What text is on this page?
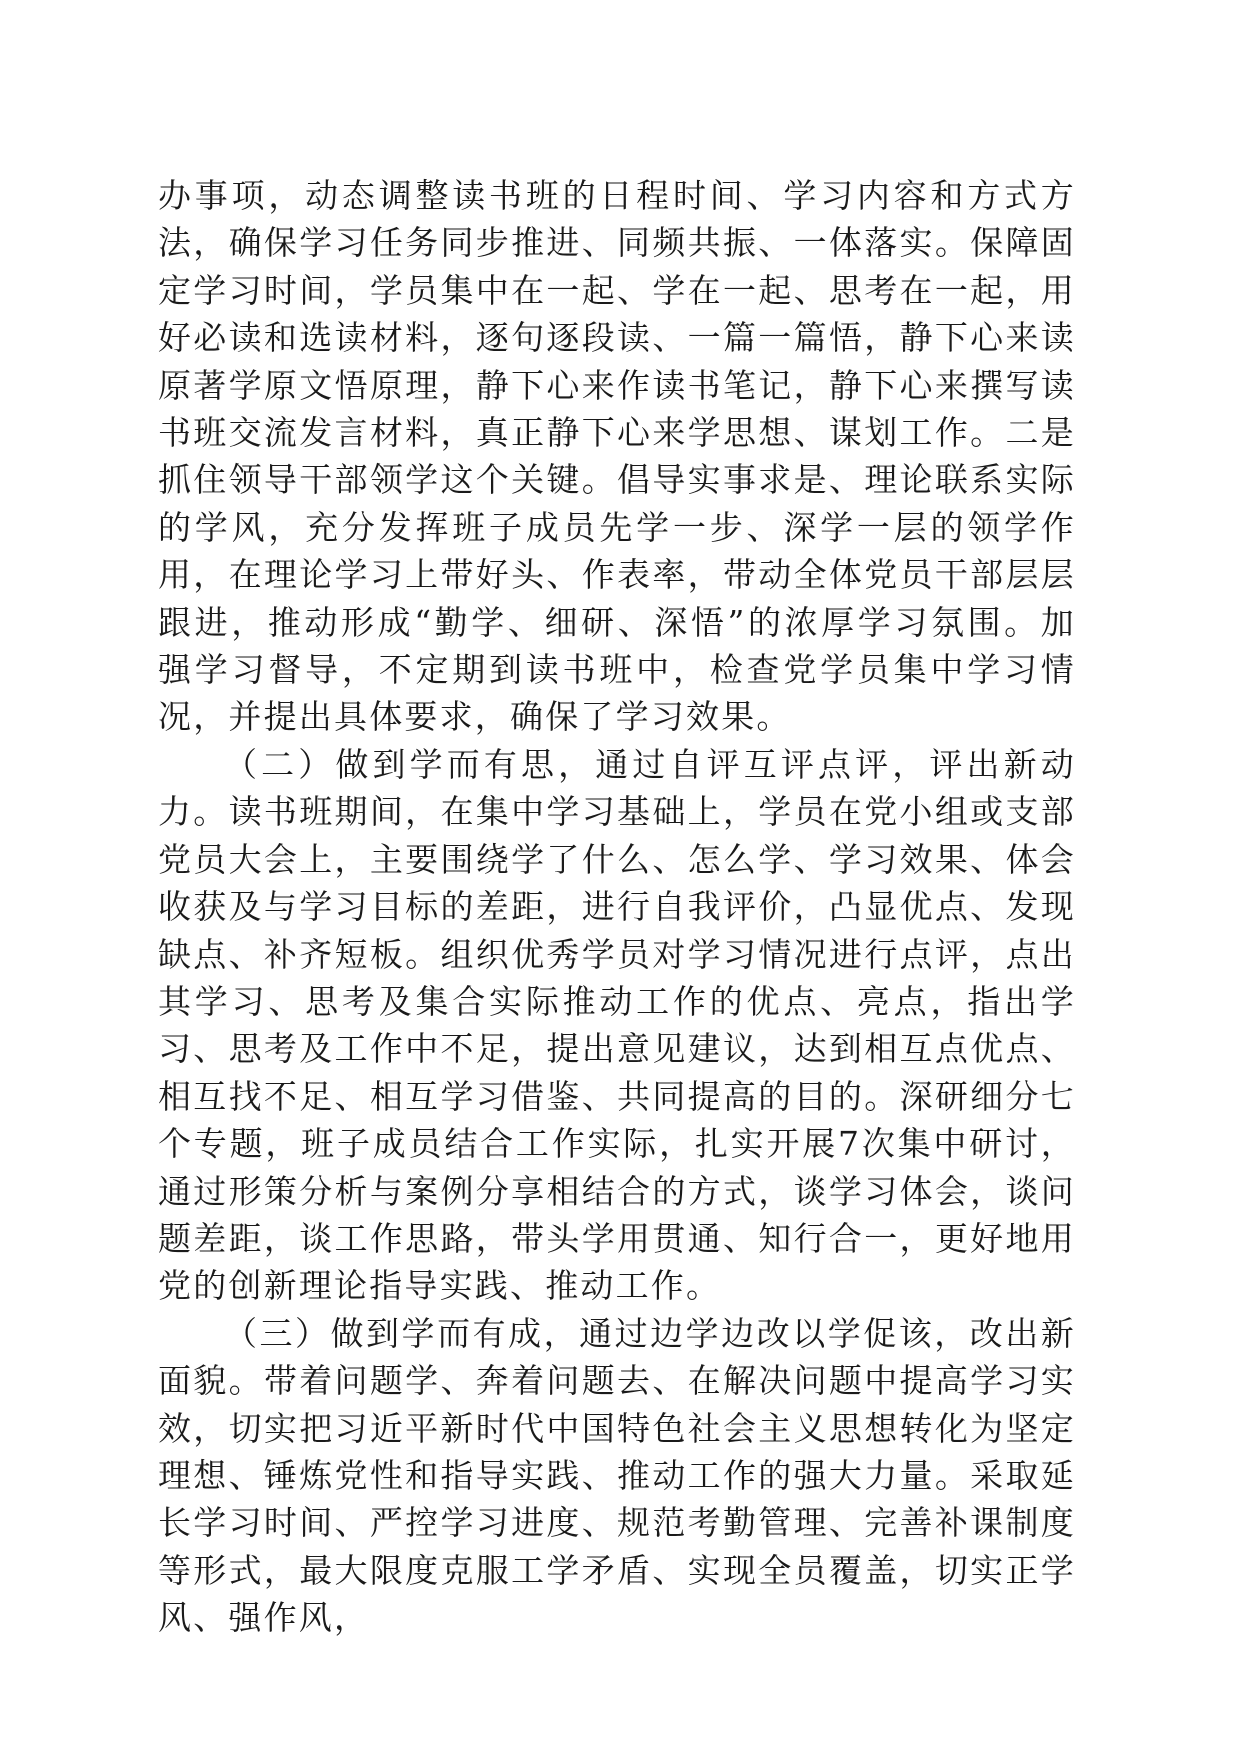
办事项，动态调整读书班的日程时间、学习内容和方式方法，确保学习任务同步推进、同频共振、一体落实。保障固定学习时间，学员集中在一起、学在一起、思考在一起，用好必读和选读材料，逐句逐段读、一篇一篇悟，静下心来读原著学原文悟原理，静下心来作读书笔记，静下心来撰写读书班交流发言材料，真正静下心来学思想、谋划工作。二是抓住领导干部领学这个关键。倡导实事求是、理论联系实际的学风，充分发挥班子成员先学一步、深学一层的领学作用，在理论学习上带好头、作表率，带动全体党员干部层层跟进，推动形成“勤学、细研、深悟”的浓厚学习氛围。加强学习督导，不定期到读书班中，检查党学员集中学习情况，并提出具体要求，确保了学习效果。

（二）做到学而有思，通过自评互评点评，评出新动力。读书班期间，在集中学习基础上，学员在党小组或支部党员大会上，主要围绕学了什么、怎么学、学习效果、体会收获及与学习目标的差距，进行自我评价，凸显优点、发现缺点、补齐短板。组织优秀学员对学习情况进行点评，点出其学习、思考及集合实际推动工作的优点、亮点，指出学习、思考及工作中不足，提出意见建议，达到相互点优点、相互找不足、相互学习借鉴、共同提高的目的。深研细分七个专题，班子成员结合工作实际，扎实开展7次集中研讨，通过形策分析与案例分享相结合的方式，谈学习体会，谈问题差距，谈工作思路，带头学用贯通、知行合一，更好地用党的创新理论指导实践、推动工作。

（三）做到学而有成，通过边学边改以学促该，改出新面貌。带着问题学、奔着问题去、在解决问题中提高学习实效，切实把习近平新时代中国特色社会主义思想转化为坚定理想、锤炼党性和指导实践、推动工作的强大力量。采取延长学习时间、严控学习进度、规范考勤管理、完善补课制度等形式，最大限度克服工学矛盾、实现全员覆盖，切实正学风、强作风，
